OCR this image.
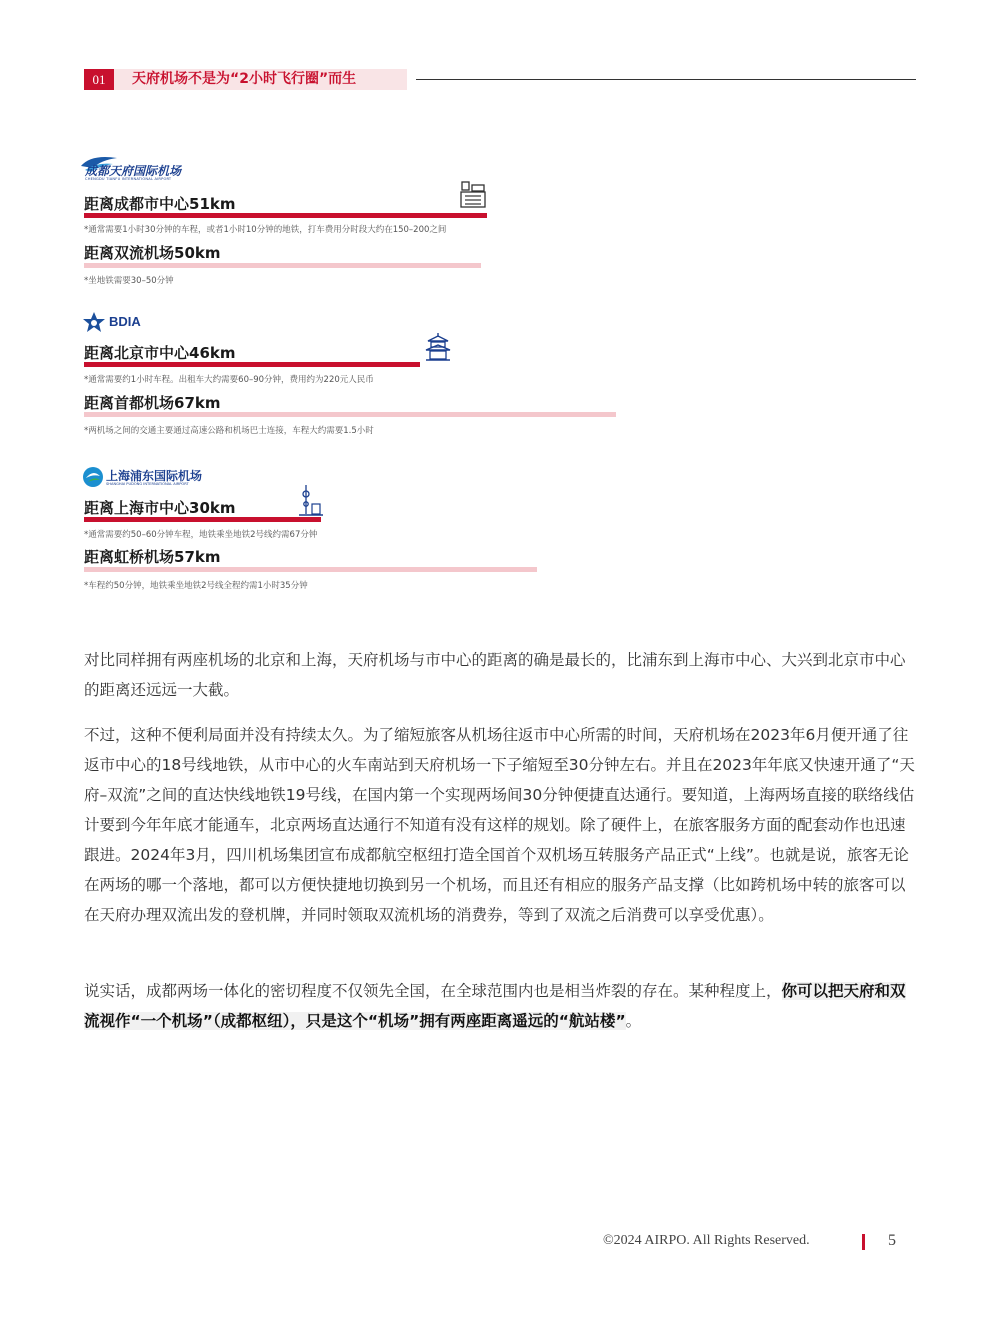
01	天府机场不是为“2小时飞行圈”而生
成都天府国际机场
CHENGDU TIANFU INTERNATIONAL AIRPORT
距离成都市中心51km
*通常需要1小时30分钟的车程，或者1小时10分钟的地铁，打车费用分时段大约在150–200之间
距离双流机场50km
*坐地铁需要30–50分钟
BDIA
距离北京市中心46km
*通常需要约1小时车程。出租车大约需要60–90分钟，费用约为220元人民币
距离首都机场67km
*两机场之间的交通主要通过高速公路和机场巴士连接，车程大约需要1.5小时
上海浦东国际机场
SHANGHAI PUDONG INTERNATIONAL AIRPORT
距离上海市中心30km
*通常需要约50–60分钟车程，地铁乘坐地铁2号线约需67分钟
距离虹桥机场57km
*车程约50分钟，地铁乘坐地铁2号线全程约需1小时35分钟

对比同样拥有两座机场的北京和上海，天府机场与市中心的距离的确是最长的，比浦东到上海市中心、大兴到北京市中心的距离还远远一大截。

不过，这种不便利局面并没有持续太久。为了缩短旅客从机场往返市中心所需的时间，天府机场在2023年6月便开通了往返市中心的18号线地铁，从市中心的火车南站到天府机场一下子缩短至30分钟左右。并且在2023年年底又快速开通了“天府–双流”之间的直达快线地铁19号线，在国内第一个实现两场间30分钟便捷直达通行。要知道，上海两场直接的联络线估计要到今年年底才能通车，北京两场直达通行不知道有没有这样的规划。除了硬件上，在旅客服务方面的配套动作也迅速跟进。2024年3月，四川机场集团宣布成都航空枢纽打造全国首个双机场互转服务产品正式“上线”。也就是说，旅客无论在两场的哪一个落地，都可以方便快捷地切换到另一个机场，而且还有相应的服务产品支撑（比如跨机场中转的旅客可以在天府办理双流出发的登机牌，并同时领取双流机场的消费券，等到了双流之后消费可以享受优惠）。

说实话，成都两场一体化的密切程度不仅领先全国，在全球范围内也是相当炸裂的存在。某种程度上，你可以把天府和双流视作“一个机场”（成都枢纽），只是这个“机场”拥有两座距离遥远的“航站楼”。

©2024 AIRPO. All Rights Reserved.	5
